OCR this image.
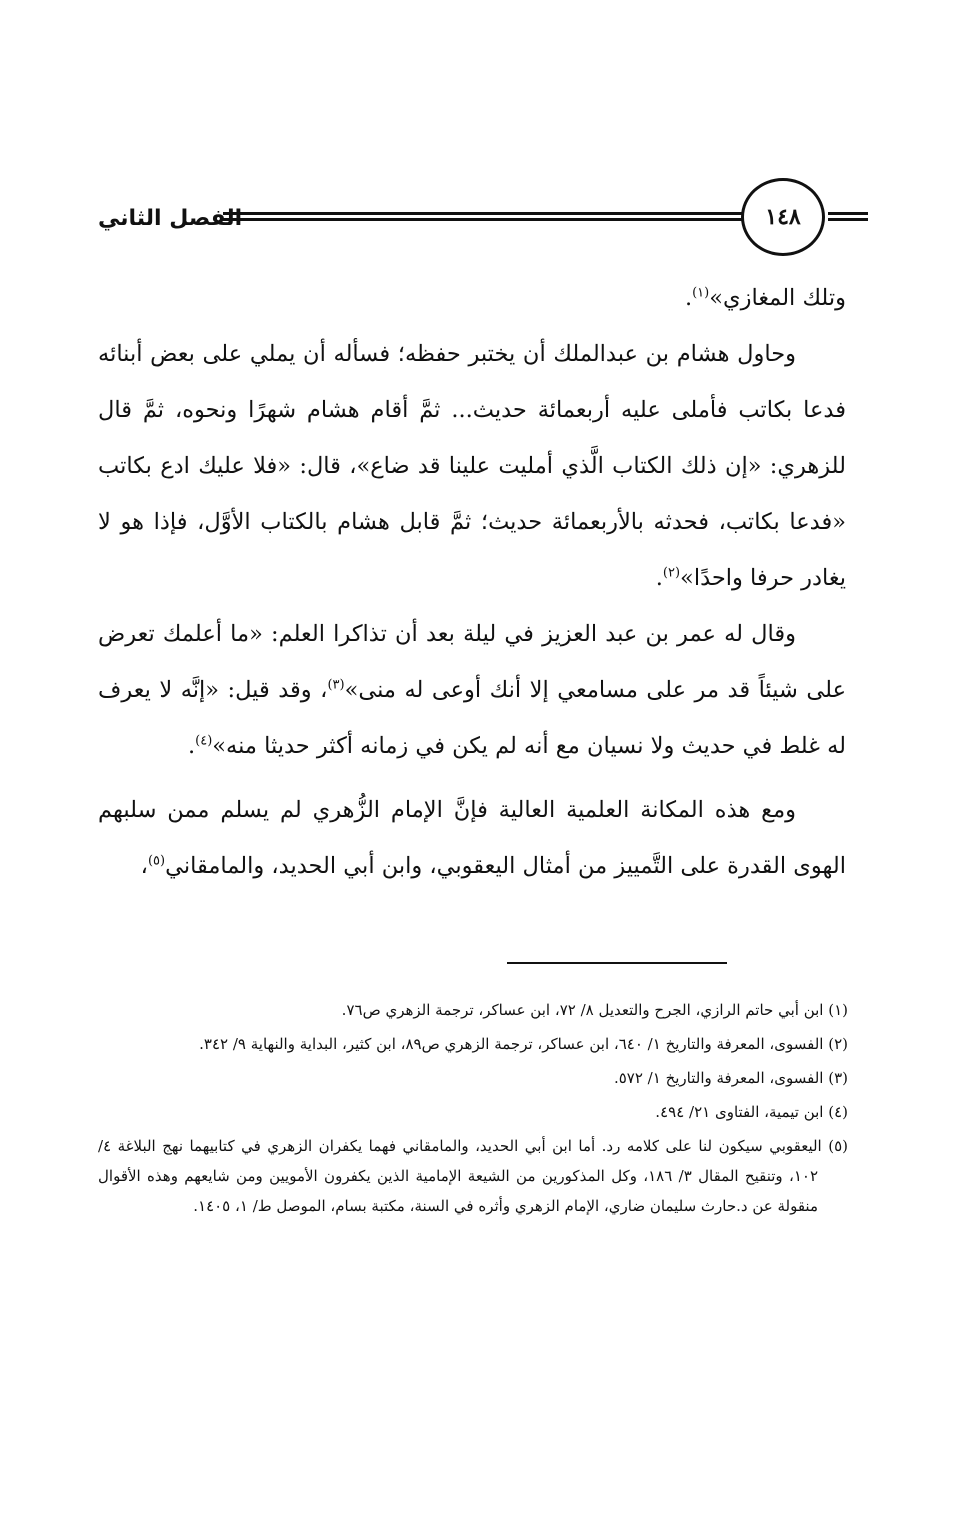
الفصل الثاني	١٤٨

وتلك المغازي»$^{(١)}$.

وحاول هشام بن عبدالملك أن يختبر حفظه؛ فسأله أن يملي على بعض أبنائه فدعا بكاتب فأملى عليه أربعمائة حديث... ثمَّ أقام هشام شهرًا ونحوه، ثمَّ قال للزهري: «إن ذلك الكتاب الَّذي أمليت علينا قد ضاع»، قال: «فلا عليك ادع بكاتب «فدعا بكاتب، فحدثه بالأربعمائة حديث؛ ثمَّ قابل هشام بالكتاب الأوَّل، فإذا هو لا يغادر حرفا واحدًا»$^{(٢)}$.

وقال له عمر بن عبد العزيز في ليلة بعد أن تذاكرا العلم: «ما أعلمك تعرض على شيئاً قد مر على مسامعي إلا أنك أوعى له منى»$^{(٣)}$، وقد قيل: «إنَّه لا يعرف له غلط في حديث ولا نسيان مع أنه لم يكن في زمانه أكثر حديثا منه»$^{(٤)}$.

ومع هذه المكانة العلمية العالية فإنَّ الإمام الزُّهري لم يسلم ممن سلبهم الهوى القدرة على التَّمييز من أمثال اليعقوبي، وابن أبي الحديد، والمامقاني$^{(٥)}$،

(١) ابن أبي حاتم الرازي، الجرح والتعديل ٨/ ٧٢، ابن عساكر، ترجمة الزهري ص٧٦.

(٢) الفسوى، المعرفة والتاريخ ١/ ٦٤٠، ابن عساكر، ترجمة الزهري ص٨٩، ابن كثير، البداية والنهاية ٩/ ٣٤٢.

(٣) الفسوى، المعرفة والتاريخ ١/ ٥٧٢.

(٤) ابن تيمية، الفتاوى ٢١/ ٤٩٤.

(٥) اليعقوبي سيكون لنا على كلامه رد. أما ابن أبي الحديد، والمامقاني فهما يكفران الزهري في كتابيهما نهج البلاغة ٤/ ١٠٢، وتنقيح المقال ٣/ ١٨٦، وكل المذكورين من الشيعة الإمامية الذين يكفرون الأمويين ومن شايعهم وهذه الأقوال منقولة عن د.حارث سليمان ضاري، الإمام الزهري وأثره في السنة، مكتبة بسام، الموصل ط/ ١، ١٤٠٥.
